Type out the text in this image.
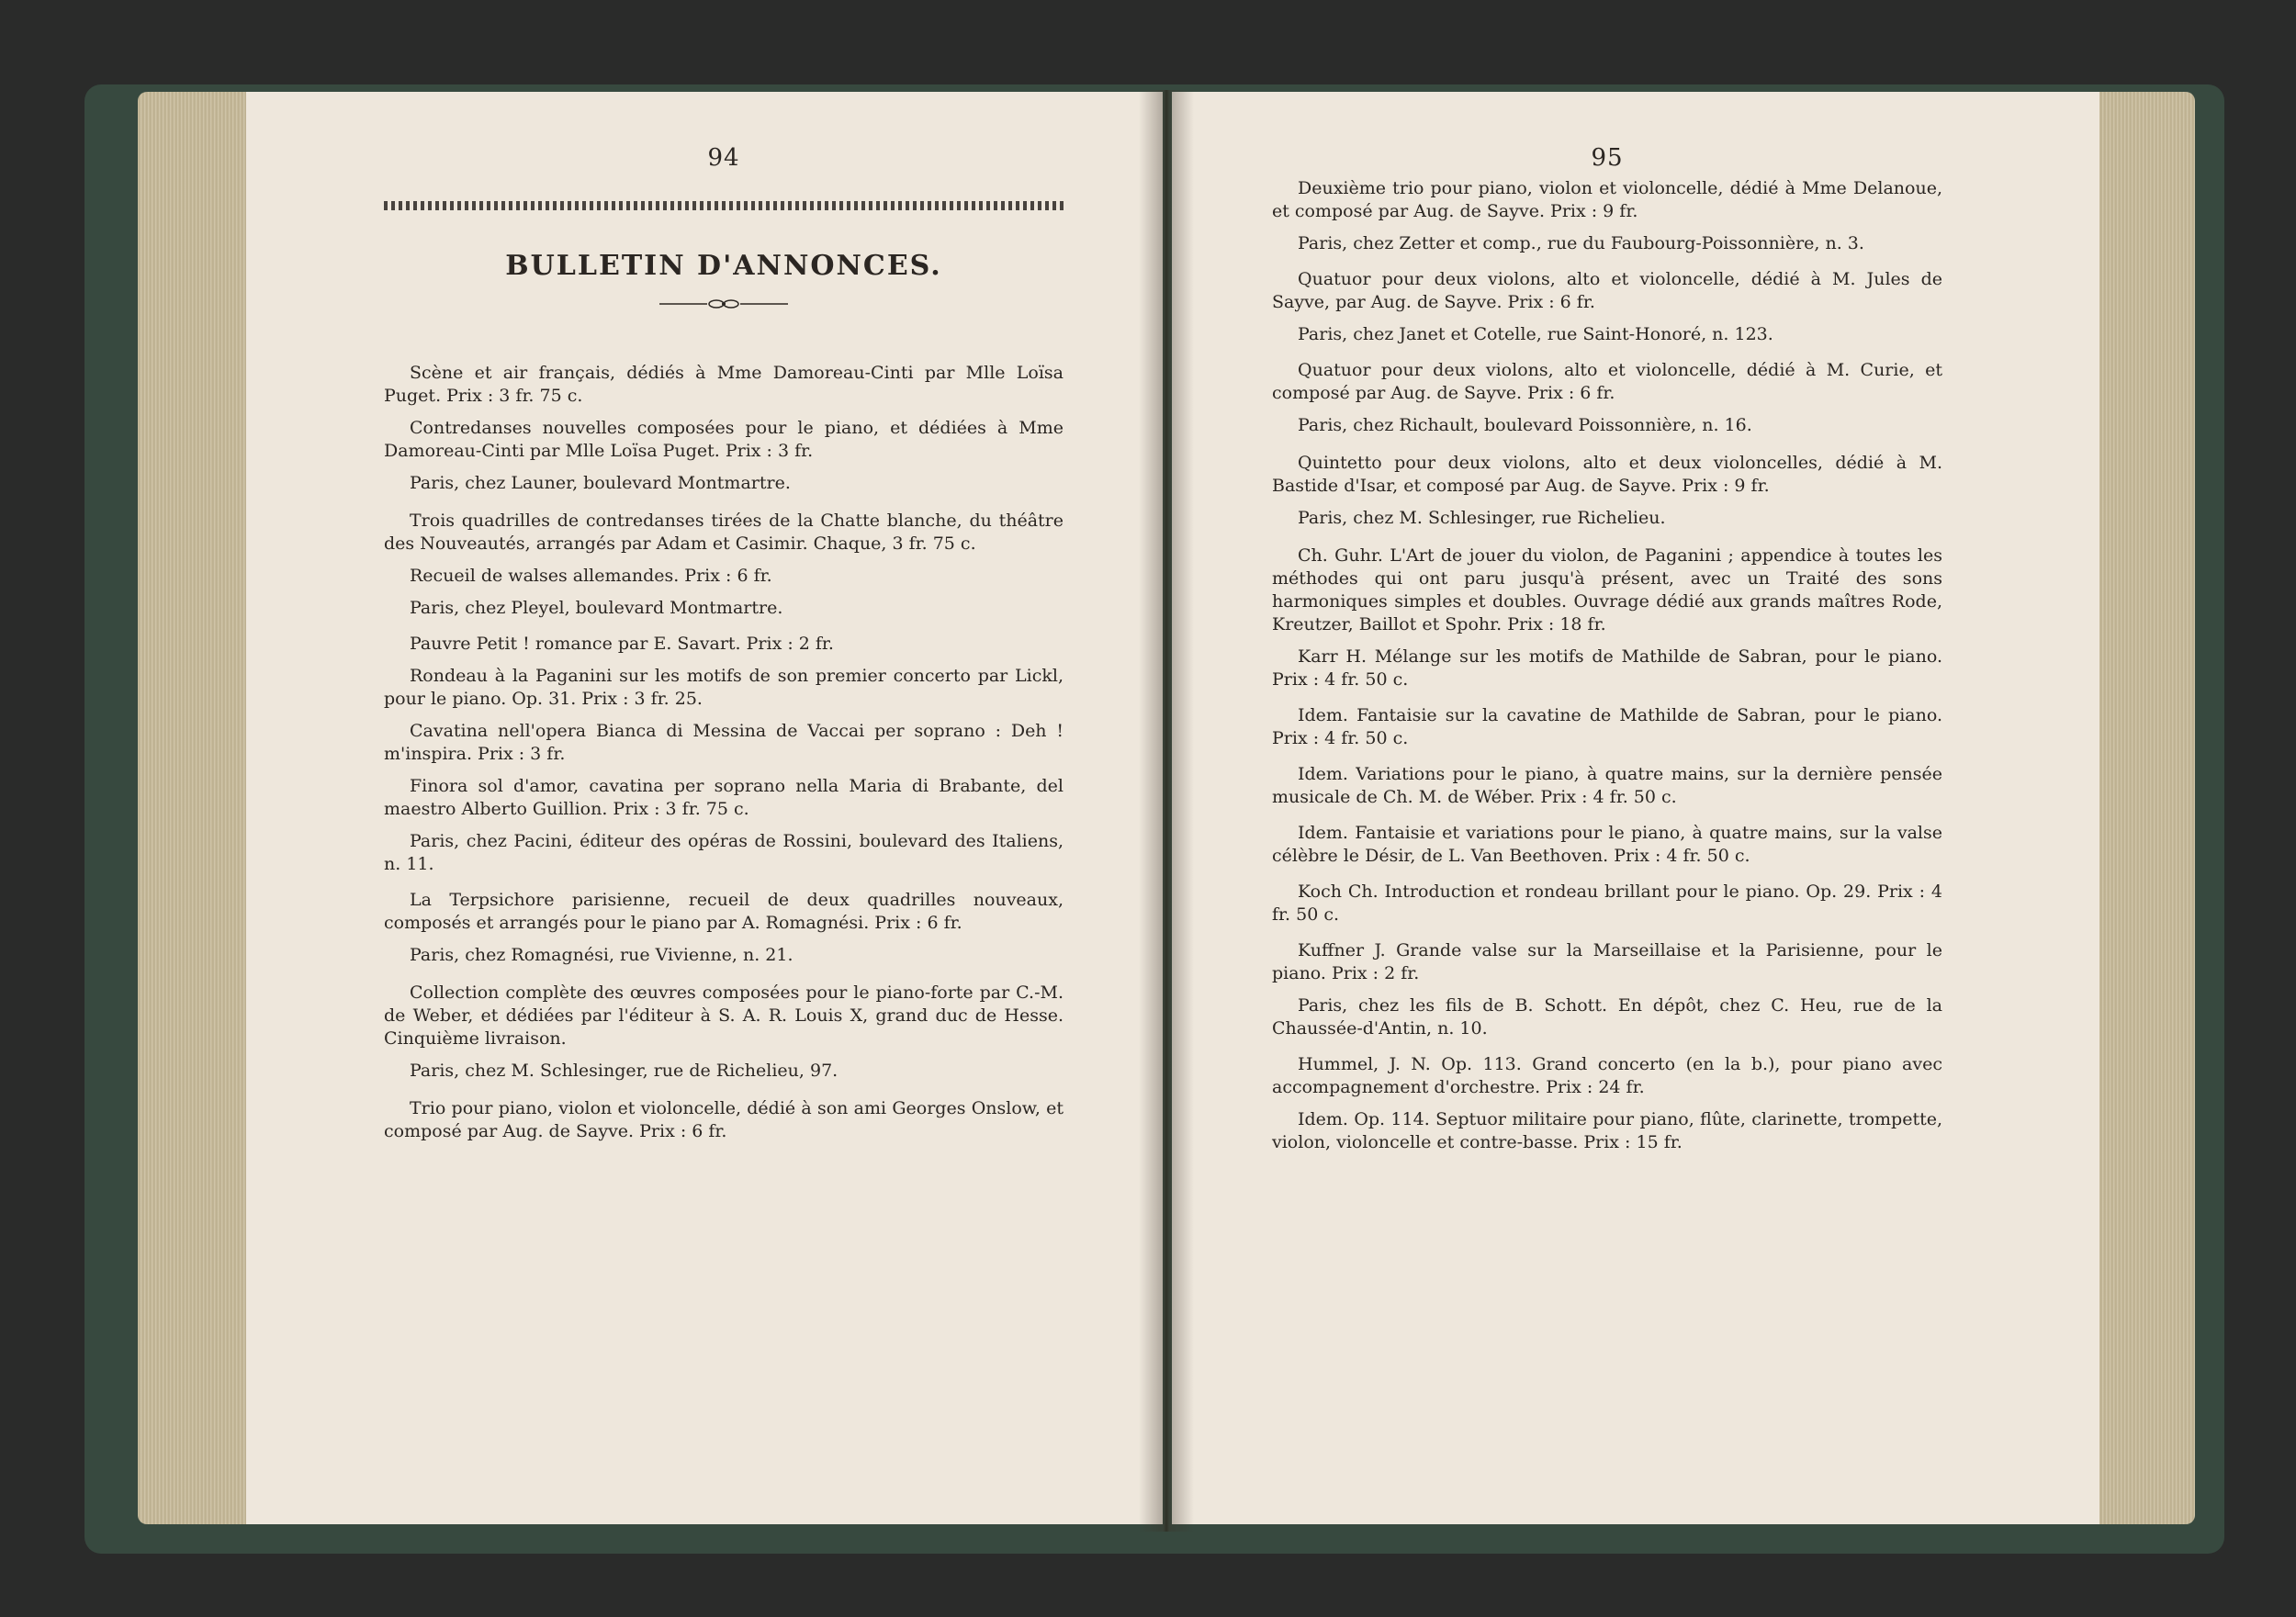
94
BULLETIN D'ANNONCES.

Scène et air français, dédiés à Mme Damoreau-Cinti par Mlle Loïsa Puget. Prix : 3 fr. 75 c.

Contredanses nouvelles composées pour le piano, et dédiées à Mme Damoreau-Cinti par Mlle Loïsa Puget. Prix : 3 fr.

Paris, chez Launer, boulevard Montmartre.

Trois quadrilles de contredanses tirées de la Chatte blanche, du théâtre des Nouveautés, arrangés par Adam et Casimir. Chaque, 3 fr. 75 c.

Recueil de walses allemandes. Prix : 6 fr.

Paris, chez Pleyel, boulevard Montmartre.

Pauvre Petit ! romance par E. Savart. Prix : 2 fr.

Rondeau à la Paganini sur les motifs de son premier concerto par Lickl, pour le piano. Op. 31. Prix : 3 fr. 25.

Cavatina nell'opera Bianca di Messina de Vaccai per soprano : Deh ! m'inspira. Prix : 3 fr.

Finora sol d'amor, cavatina per soprano nella Maria di Brabante, del maestro Alberto Guillion. Prix : 3 fr. 75 c.

Paris, chez Pacini, éditeur des opéras de Rossini, boulevard des Italiens, n. 11.

La Terpsichore parisienne, recueil de deux quadrilles nouveaux, composés et arrangés pour le piano par A. Romagnési. Prix : 6 fr.

Paris, chez Romagnési, rue Vivienne, n. 21.

Collection complète des œuvres composées pour le piano-forte par C.-M. de Weber, et dédiées par l'éditeur à S. A. R. Louis X, grand duc de Hesse. Cinquième livraison.

Paris, chez M. Schlesinger, rue de Richelieu, 97.

Trio pour piano, violon et violoncelle, dédié à son ami Georges Onslow, et composé par Aug. de Sayve. Prix : 6 fr.

95

Deuxième trio pour piano, violon et violoncelle, dédié à Mme Delanoue, et composé par Aug. de Sayve. Prix : 9 fr.

Paris, chez Zetter et comp., rue du Faubourg-Poissonnière, n. 3.

Quatuor pour deux violons, alto et violoncelle, dédié à M. Jules de Sayve, par Aug. de Sayve. Prix : 6 fr.

Paris, chez Janet et Cotelle, rue Saint-Honoré, n. 123.

Quatuor pour deux violons, alto et violoncelle, dédié à M. Curie, et composé par Aug. de Sayve. Prix : 6 fr.

Paris, chez Richault, boulevard Poissonnière, n. 16.

Quintetto pour deux violons, alto et deux violoncelles, dédié à M. Bastide d'Isar, et composé par Aug. de Sayve. Prix : 9 fr.

Paris, chez M. Schlesinger, rue Richelieu.

Ch. Guhr. L'Art de jouer du violon, de Paganini ; appendice à toutes les méthodes qui ont paru jusqu'à présent, avec un Traité des sons harmoniques simples et doubles. Ouvrage dédié aux grands maîtres Rode, Kreutzer, Baillot et Spohr. Prix : 18 fr.

Karr H. Mélange sur les motifs de Mathilde de Sabran, pour le piano. Prix : 4 fr. 50 c.

Idem. Fantaisie sur la cavatine de Mathilde de Sabran, pour le piano. Prix : 4 fr. 50 c.

Idem. Variations pour le piano, à quatre mains, sur la dernière pensée musicale de Ch. M. de Wéber. Prix : 4 fr. 50 c.

Idem. Fantaisie et variations pour le piano, à quatre mains, sur la valse célèbre le Désir, de L. Van Beethoven. Prix : 4 fr. 50 c.

Koch Ch. Introduction et rondeau brillant pour le piano. Op. 29. Prix : 4 fr. 50 c.

Kuffner J. Grande valse sur la Marseillaise et la Parisienne, pour le piano. Prix : 2 fr.

Paris, chez les fils de B. Schott. En dépôt, chez C. Heu, rue de la Chaussée-d'Antin, n. 10.

Hummel, J. N. Op. 113. Grand concerto (en la b.), pour piano avec accompagnement d'orchestre. Prix : 24 fr.

Idem. Op. 114. Septuor militaire pour piano, flûte, clarinette, trompette, violon, violoncelle et contre-basse. Prix : 15 fr.
